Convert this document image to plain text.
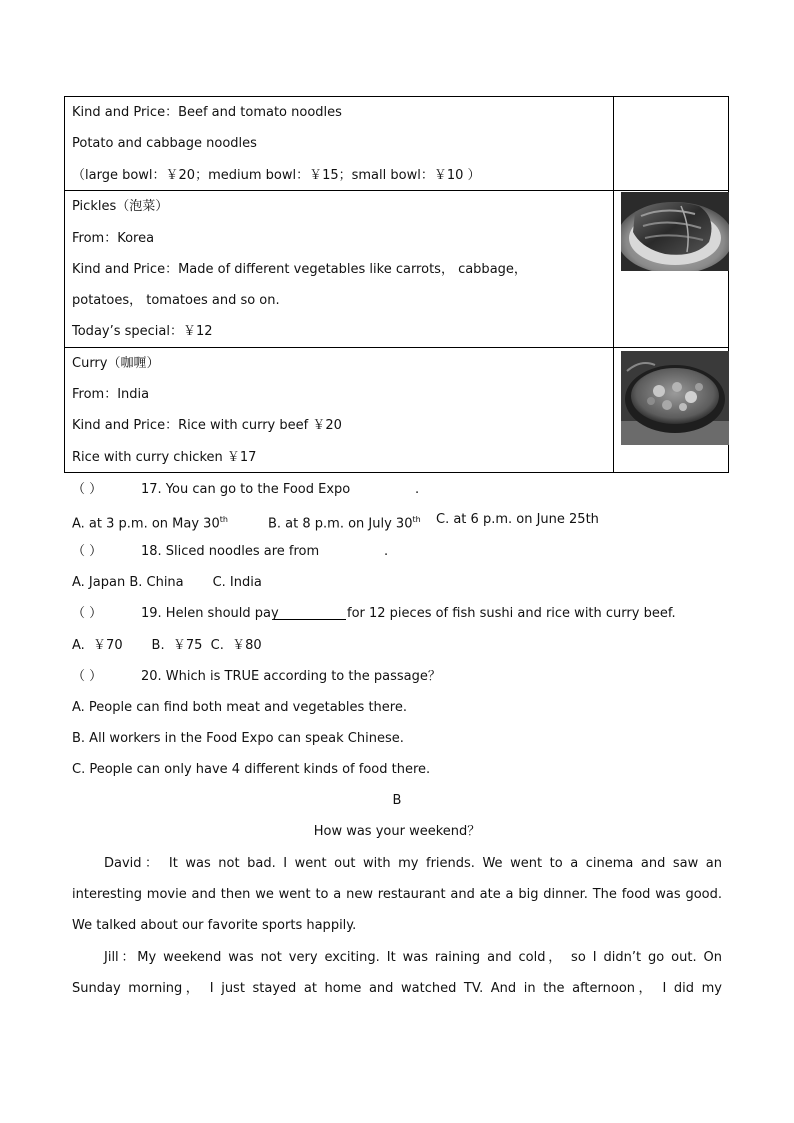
Kind and Price：Beef and tomato noodles
Potato and cabbage noodles
（large bowl：￥20；medium bowl：￥15；small bowl：￥10 ）
Pickles（泡菜）
From：Korea
Kind and Price：Made of different vegetables like carrots， cabbage，
potatoes， tomatoes and so on.
Today’s special：￥12
Curry（咖喱）
From：India
Kind and Price：Rice with curry beef ￥20
Rice with curry chicken ￥17
（ ）	17. You can go to the Food Expo	.
A. at 3 p.m. on May 30th	B. at 8 p.m. on July 30th C. at 6 p.m. on June 25th
（ ）	18. Sliced noodles are from	.
A. Japan B. China       C. India
（ ）	19. Helen should pay	for 12 pieces of fish sushi and rice with curry beef.
A.  ￥70       B.  ￥75  C.  ￥80
（ ）	20. Which is TRUE according to the passage？
A. People can find both meat and vegetables there.
B. All workers in the Food Expo can speak Chinese.
C. People can only have 4 different kinds of food there.
B
How was your weekend？
David： It was not bad. I went out with my friends. We went to a cinema and saw an
interesting movie and then we went to a new restaurant and ate a big dinner. The food was good.
We talked about our favorite sports happily.
Jill：My weekend was not very exciting. It was raining and cold， so I didn’t go out. On
Sunday morning， I just stayed at home and watched TV. And in the afternoon， I did my
